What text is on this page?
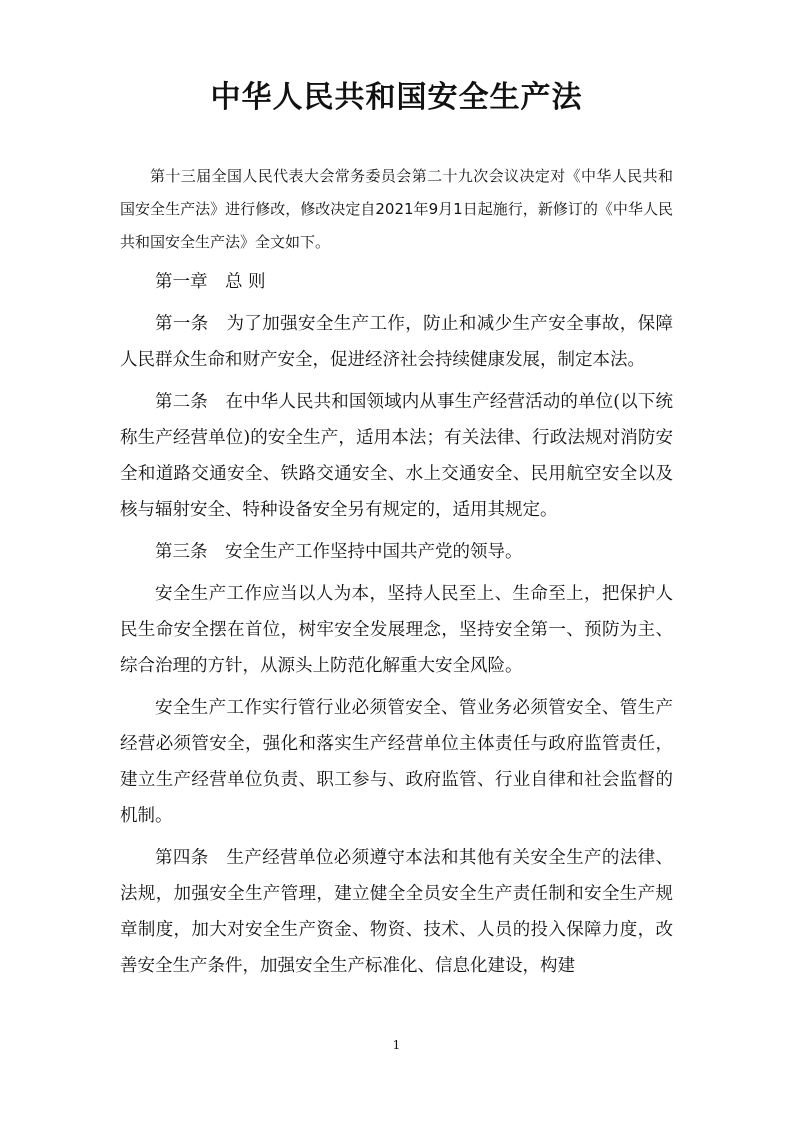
中华人民共和国安全生产法

第十三届全国人民代表大会常务委员会第二十九次会议决定对《中华人民共和国安全生产法》进行修改，修改决定自2021年9月1日起施行，新修订的《中华人民共和国安全生产法》全文如下。

第一章　总 则

第一条　为了加强安全生产工作，防止和减少生产安全事故，保障人民群众生命和财产安全，促进经济社会持续健康发展，制定本法。

第二条　在中华人民共和国领域内从事生产经营活动的单位(以下统称生产经营单位)的安全生产，适用本法；有关法律、行政法规对消防安全和道路交通安全、铁路交通安全、水上交通安全、民用航空安全以及核与辐射安全、特种设备安全另有规定的，适用其规定。

第三条　安全生产工作坚持中国共产党的领导。

安全生产工作应当以人为本，坚持人民至上、生命至上，把保护人民生命安全摆在首位，树牢安全发展理念，坚持安全第一、预防为主、综合治理的方针，从源头上防范化解重大安全风险。

安全生产工作实行管行业必须管安全、管业务必须管安全、管生产经营必须管安全，强化和落实生产经营单位主体责任与政府监管责任，建立生产经营单位负责、职工参与、政府监管、行业自律和社会监督的机制。

第四条　生产经营单位必须遵守本法和其他有关安全生产的法律、法规，加强安全生产管理，建立健全全员安全生产责任制和安全生产规章制度，加大对安全生产资金、物资、技术、人员的投入保障力度，改善安全生产条件，加强安全生产标准化、信息化建设，构建

1
